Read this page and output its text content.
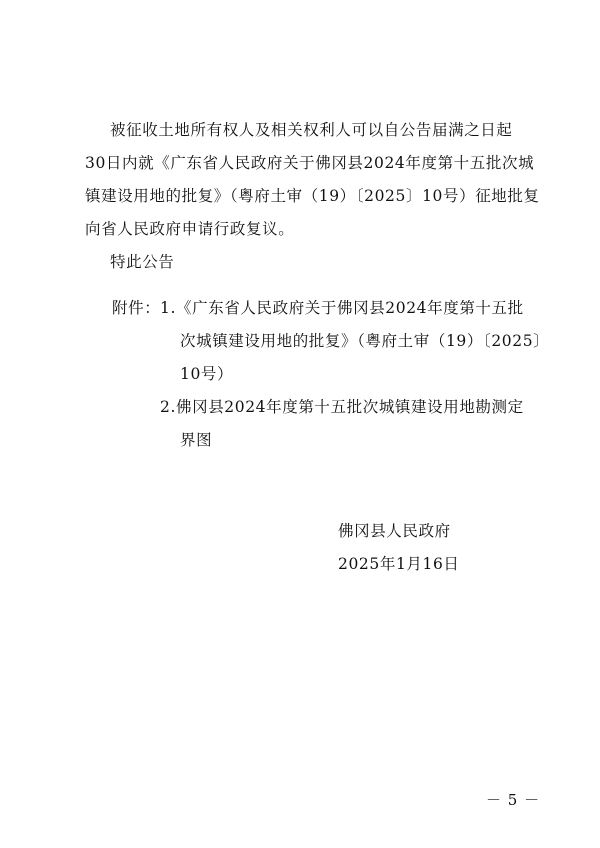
被征收土地所有权人及相关权利人可以自公告届满之日起
30日内就《广东省人民政府关于佛冈县2024年度第十五批次城
镇建设用地的批复》（粤府土审（19）〔2025〕10号）征地批复
向省人民政府申请行政复议。
特此公告
附件： 1.《广东省人民政府关于佛冈县2024年度第十五批
次城镇建设用地的批复》（粤府土审（19）〔2025〕
10号）
2.佛冈县2024年度第十五批次城镇建设用地勘测定
界图
佛冈县人民政府
2025年1月16日
－ 5 －
